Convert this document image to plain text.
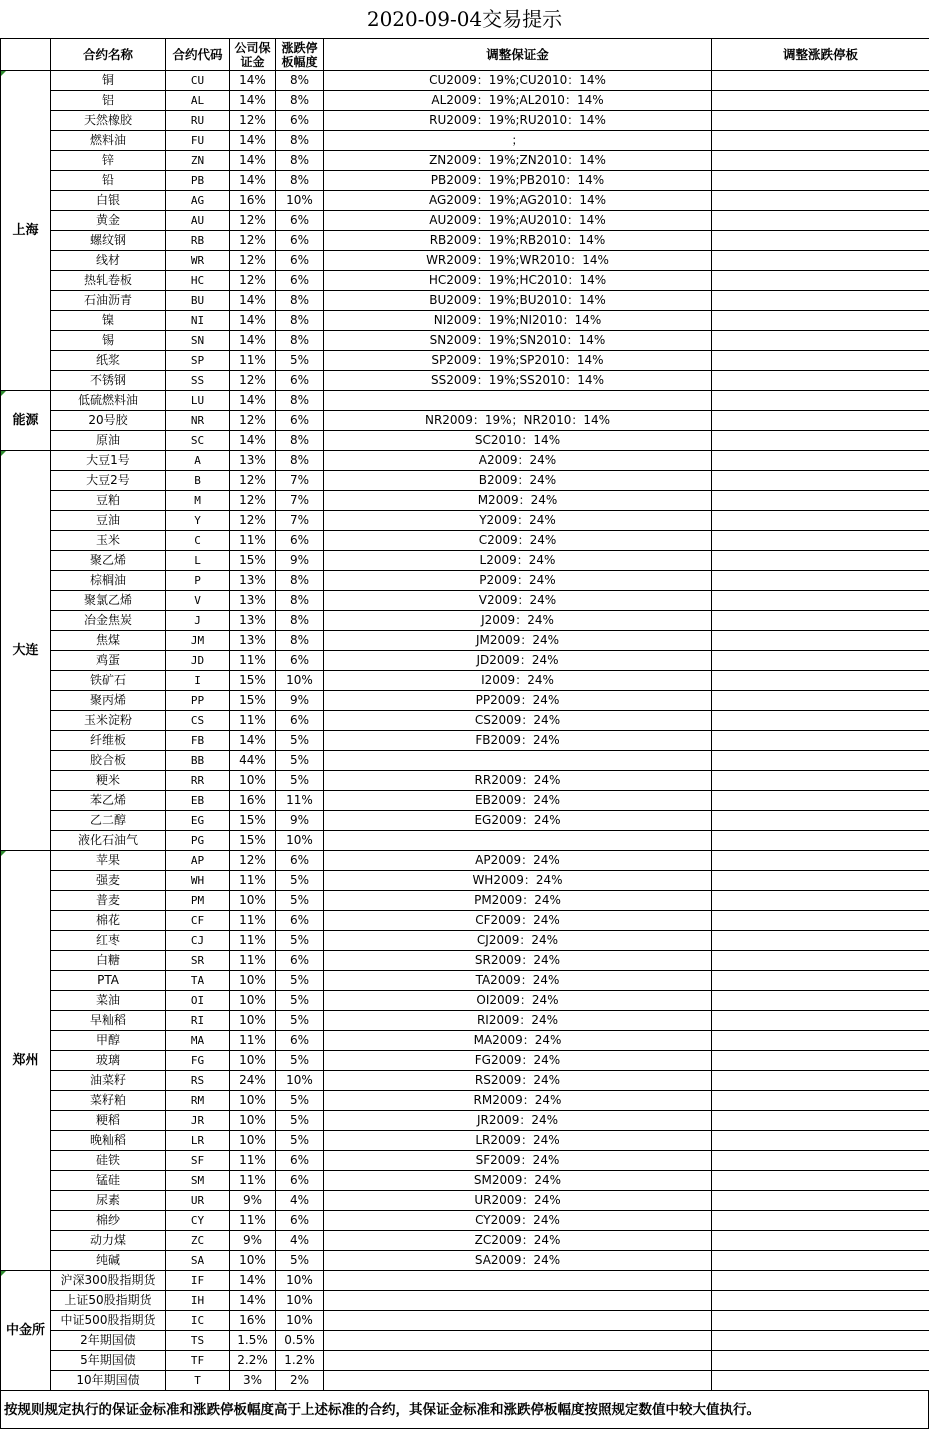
2020-09-04交易提示
	合约名称	合约代码	公司保证金	涨跌停板幅度	调整保证金	调整涨跌停板
上海	铜	CU	14%	8%	CU2009：19%;CU2010：14%	
	铝	AL	14%	8%	AL2009：19%;AL2010：14%	
	天然橡胶	RU	12%	6%	RU2009：19%;RU2010：14%	
	燃料油	FU	14%	8%	；	
	锌	ZN	14%	8%	ZN2009：19%;ZN2010：14%	
	铅	PB	14%	8%	PB2009：19%;PB2010：14%	
	白银	AG	16%	10%	AG2009：19%;AG2010：14%	
	黄金	AU	12%	6%	AU2009：19%;AU2010：14%	
	螺纹钢	RB	12%	6%	RB2009：19%;RB2010：14%	
	线材	WR	12%	6%	WR2009：19%;WR2010：14%	
	热轧卷板	HC	12%	6%	HC2009：19%;HC2010：14%	
	石油沥青	BU	14%	8%	BU2009：19%;BU2010：14%	
	镍	NI	14%	8%	NI2009：19%;NI2010：14%	
	锡	SN	14%	8%	SN2009：19%;SN2010：14%	
	纸浆	SP	11%	5%	SP2009：19%;SP2010：14%	
	不锈钢	SS	12%	6%	SS2009：19%;SS2010：14%	
能源	低硫燃料油	LU	14%	8%		
	20号胶	NR	12%	6%	NR2009：19%；NR2010：14%	
	原油	SC	14%	8%	SC2010：14%	
大连	大豆1号	A	13%	8%	A2009：24%	
	大豆2号	B	12%	7%	B2009：24%	
	豆粕	M	12%	7%	M2009：24%	
	豆油	Y	12%	7%	Y2009：24%	
	玉米	C	11%	6%	C2009：24%	
	聚乙烯	L	15%	9%	L2009：24%	
	棕榈油	P	13%	8%	P2009：24%	
	聚氯乙烯	V	13%	8%	V2009：24%	
	冶金焦炭	J	13%	8%	J2009：24%	
	焦煤	JM	13%	8%	JM2009：24%	
	鸡蛋	JD	11%	6%	JD2009：24%	
	铁矿石	I	15%	10%	I2009：24%	
	聚丙烯	PP	15%	9%	PP2009：24%	
	玉米淀粉	CS	11%	6%	CS2009：24%	
	纤维板	FB	14%	5%	FB2009：24%	
	胶合板	BB	44%	5%		
	粳米	RR	10%	5%	RR2009：24%	
	苯乙烯	EB	16%	11%	EB2009：24%	
	乙二醇	EG	15%	9%	EG2009：24%	
	液化石油气	PG	15%	10%		
郑州	苹果	AP	12%	6%	AP2009：24%	
	强麦	WH	11%	5%	WH2009：24%	
	普麦	PM	10%	5%	PM2009：24%	
	棉花	CF	11%	6%	CF2009：24%	
	红枣	CJ	11%	5%	CJ2009：24%	
	白糖	SR	11%	6%	SR2009：24%	
	PTA	TA	10%	5%	TA2009：24%	
	菜油	OI	10%	5%	OI2009：24%	
	早籼稻	RI	10%	5%	RI2009：24%	
	甲醇	MA	11%	6%	MA2009：24%	
	玻璃	FG	10%	5%	FG2009：24%	
	油菜籽	RS	24%	10%	RS2009：24%	
	菜籽粕	RM	10%	5%	RM2009：24%	
	粳稻	JR	10%	5%	JR2009：24%	
	晚籼稻	LR	10%	5%	LR2009：24%	
	硅铁	SF	11%	6%	SF2009：24%	
	锰硅	SM	11%	6%	SM2009：24%	
	尿素	UR	9%	4%	UR2009：24%	
	棉纱	CY	11%	6%	CY2009：24%	
	动力煤	ZC	9%	4%	ZC2009：24%	
	纯碱	SA	10%	5%	SA2009：24%	
中金所	沪深300股指期货	IF	14%	10%		
	上证50股指期货	IH	14%	10%		
	中证500股指期货	IC	16%	10%		
	2年期国债	TS	1.5%	0.5%		
	5年期国债	TF	2.2%	1.2%		
	10年期国债	T	3%	2%		
按规则规定执行的保证金标准和涨跌停板幅度高于上述标准的合约，其保证金标准和涨跌停板幅度按照规定数值中较大值执行。
